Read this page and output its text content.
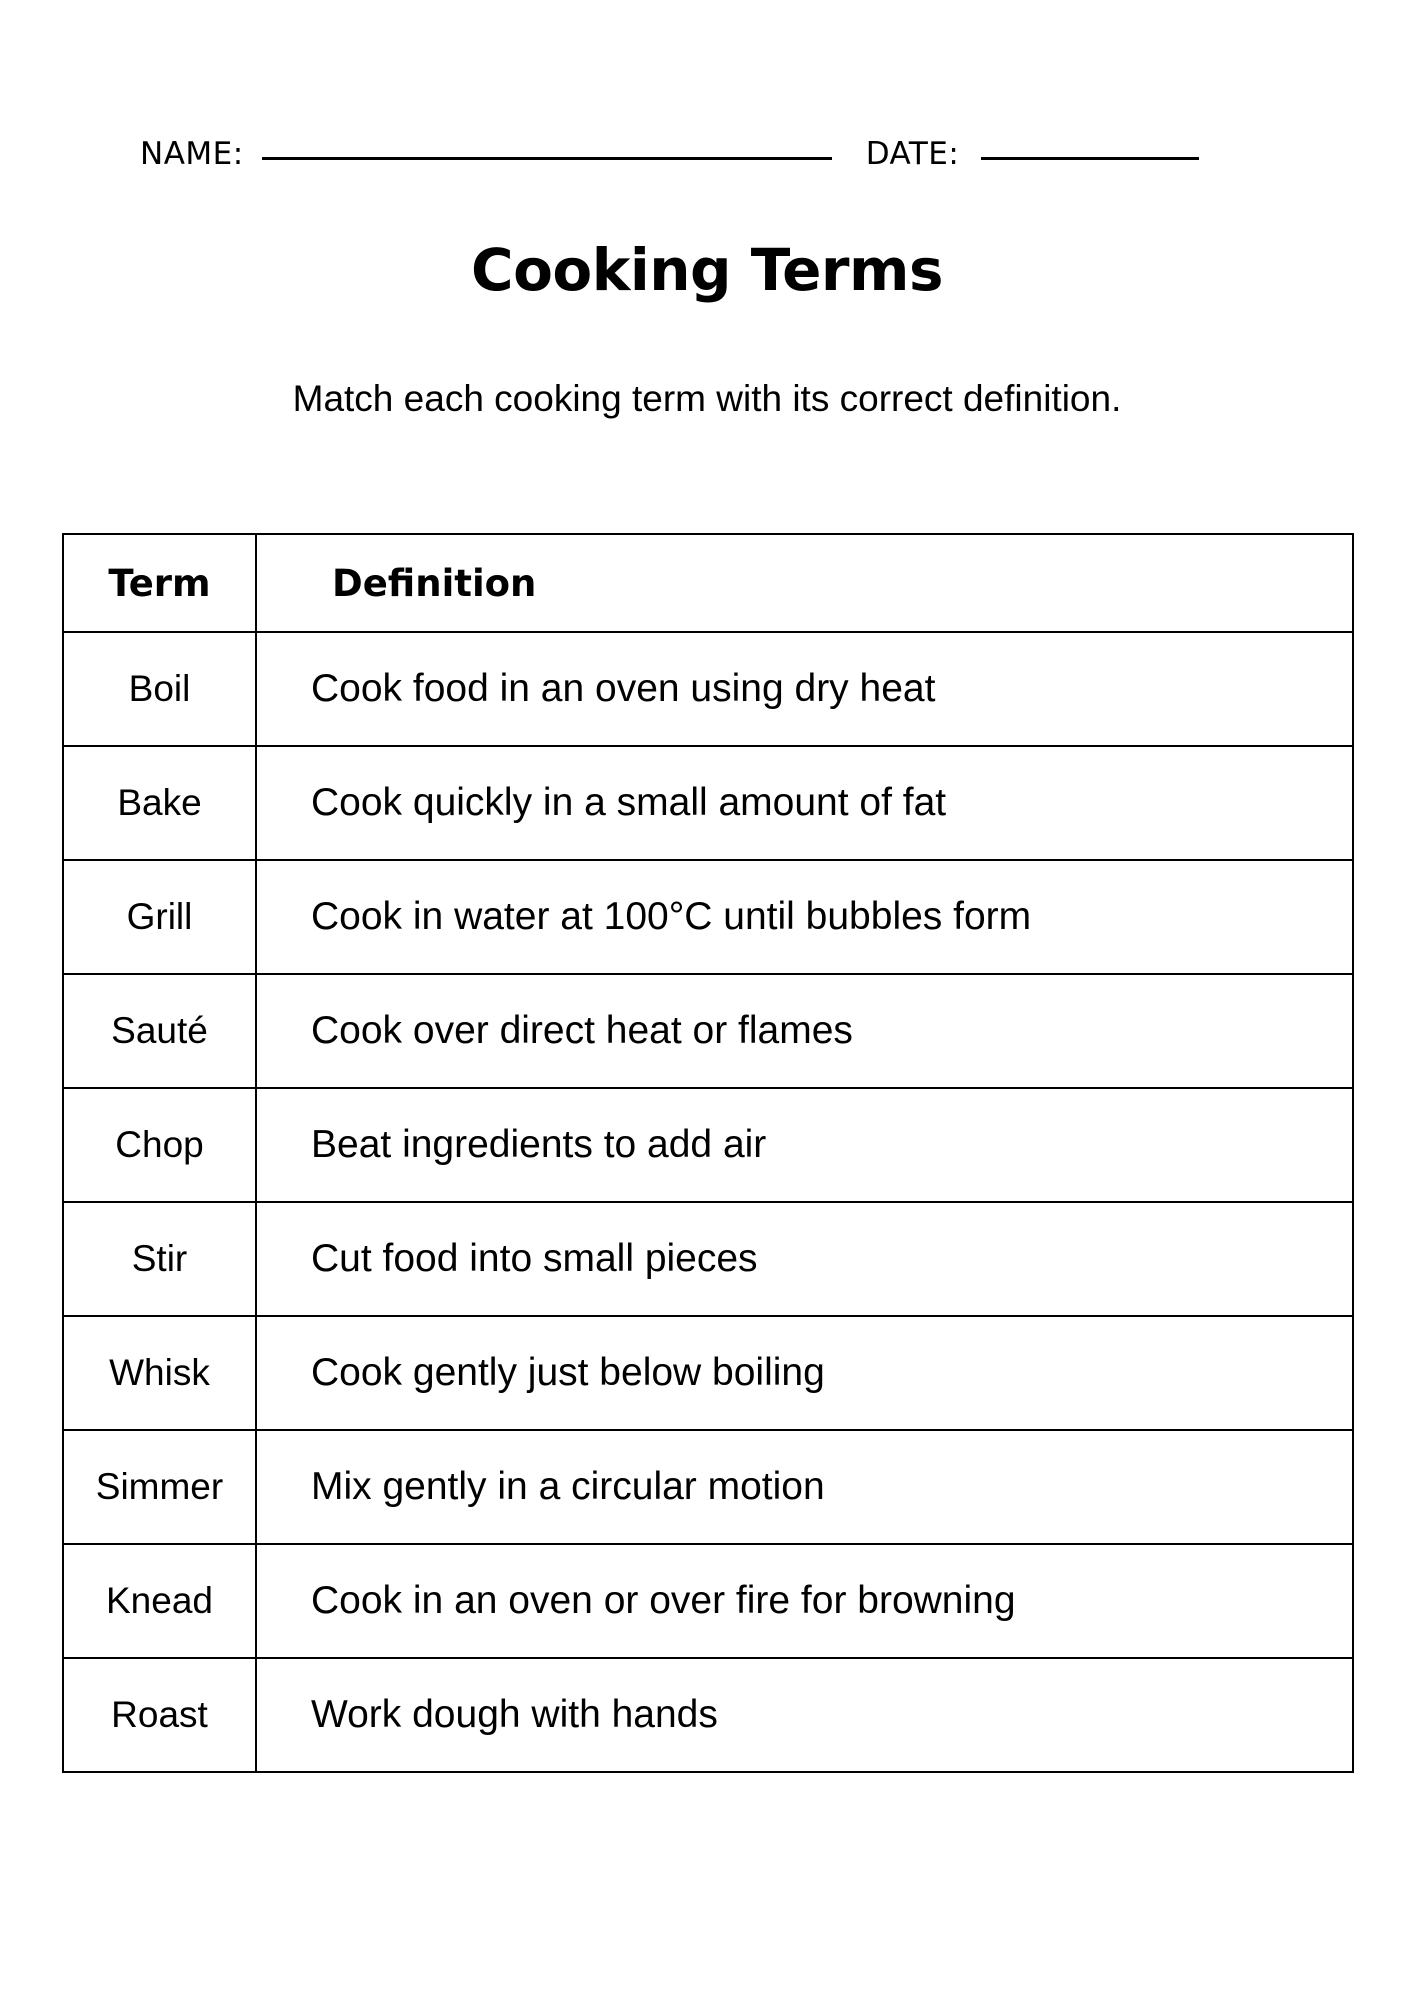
NAME:	DATE:
Cooking Terms
Match each cooking term with its correct definition.
Term	Definition
Boil	Cook food in an oven using dry heat
Bake	Cook quickly in a small amount of fat
Grill	Cook in water at 100°C until bubbles form
Sauté	Cook over direct heat or flames
Chop	Beat ingredients to add air
Stir	Cut food into small pieces
Whisk	Cook gently just below boiling
Simmer	Mix gently in a circular motion
Knead	Cook in an oven or over fire for browning
Roast	Work dough with hands
